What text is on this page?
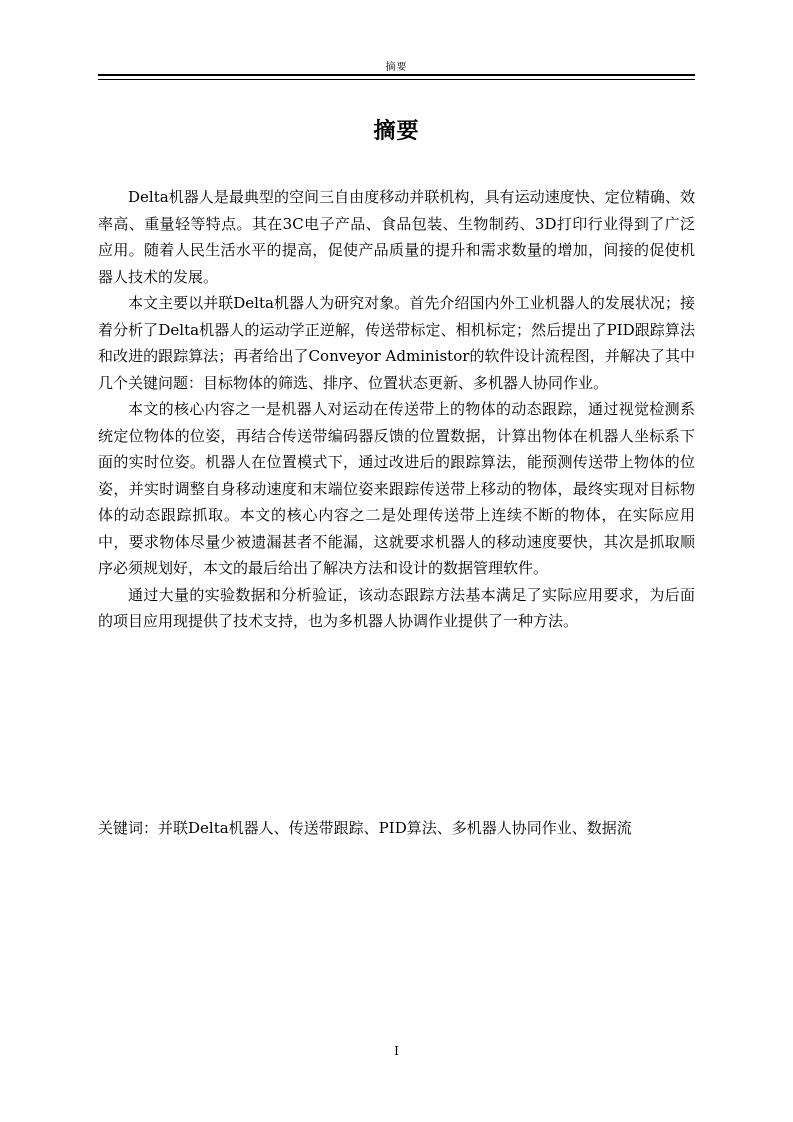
摘要
摘要

Delta机器人是最典型的空间三自由度移动并联机构，具有运动速度快、定位精确、效率高、重量轻等特点。其在3C电子产品、食品包装、生物制药、3D打印行业得到了广泛应用。随着人民生活水平的提高，促使产品质量的提升和需求数量的增加，间接的促使机器人技术的发展。

本文主要以并联Delta机器人为研究对象。首先介绍国内外工业机器人的发展状况；接着分析了Delta机器人的运动学正逆解，传送带标定、相机标定；然后提出了PID跟踪算法和改进的跟踪算法；再者给出了Conveyor Administor的软件设计流程图，并解决了其中几个关键问题：目标物体的筛选、排序、位置状态更新、多机器人协同作业。

本文的核心内容之一是机器人对运动在传送带上的物体的动态跟踪，通过视觉检测系统定位物体的位姿，再结合传送带编码器反馈的位置数据，计算出物体在机器人坐标系下面的实时位姿。机器人在位置模式下，通过改进后的跟踪算法，能预测传送带上物体的位姿，并实时调整自身移动速度和末端位姿来跟踪传送带上移动的物体，最终实现对目标物体的动态跟踪抓取。本文的核心内容之二是处理传送带上连续不断的物体，在实际应用中，要求物体尽量少被遗漏甚者不能漏，这就要求机器人的移动速度要快，其次是抓取顺序必须规划好，本文的最后给出了解决方法和设计的数据管理软件。

通过大量的实验数据和分析验证，该动态跟踪方法基本满足了实际应用要求，为后面的项目应用现提供了技术支持，也为多机器人协调作业提供了一种方法。

关键词：并联Delta机器人、传送带跟踪、PID算法、多机器人协同作业、数据流
I
